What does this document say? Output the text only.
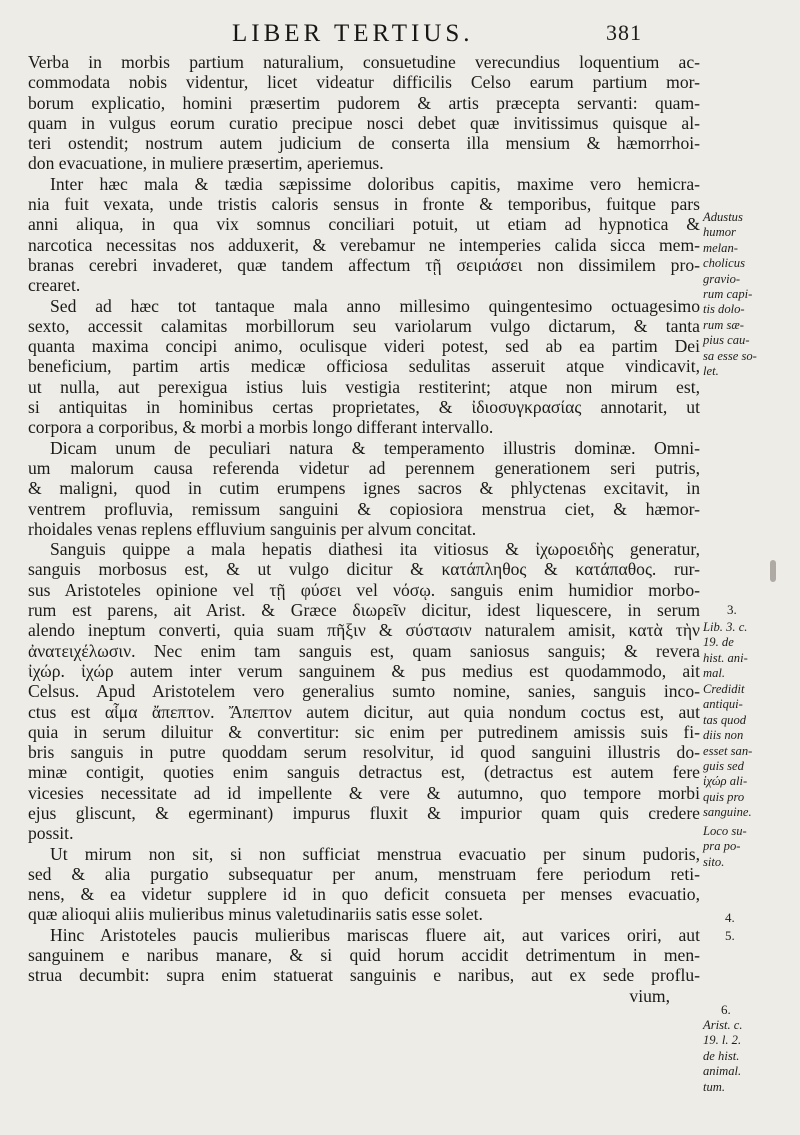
LIBER TERTIUS.	381
Verba in morbis partium naturalium, consuetudine verecundius loquentium ac-
commodata nobis videntur, licet videatur difficilis Celso earum partium mor-
borum explicatio, homini præsertim pudorem & artis præcepta servanti: quam-
quam in vulgus eorum curatio precipue nosci debet quæ invitissimus quisque al-
teri ostendit; nostrum autem judicium de conserta illa mensium & hæmorrhoi-
don evacuatione, in muliere præsertim, aperiemus.
Inter hæc mala & tædia sæpissime doloribus capitis, maxime vero hemicra-
nia fuit vexata, unde tristis caloris sensus in fronte & temporibus, fuitque pars
anni aliqua, in qua vix somnus conciliari potuit, ut etiam ad hypnotica &
narcotica necessitas nos adduxerit, & verebamur ne intemperies calida sicca mem-
branas cerebri invaderet, quæ tandem affectum τῇ σειριάσει non dissimilem pro-
crearet.
Sed ad hæc tot tantaque mala anno millesimo quingentesimo octuagesimo
sexto, accessit calamitas morbillorum seu variolarum vulgo dictarum, & tanta
quanta maxima concipi animo, oculisque videri potest, sed ab ea partim Dei
beneficium, partim artis medicæ officiosa sedulitas asseruit atque vindicavit,
ut nulla, aut perexigua istius luis vestigia restiterint; atque non mirum est,
si antiquitas in hominibus certas proprietates, & ἰδιοσυγκρασίας annotarit, ut
corpora a corporibus, & morbi a morbis longo differant intervallo.
Dicam unum de peculiari natura & temperamento illustris dominæ. Omni-
um malorum causa referenda videtur ad perennem generationem seri putris,
& maligni, quod in cutim erumpens ignes sacros & phlyctenas excitavit, in
ventrem profluvia, remissum sanguini & copiosiora menstrua ciet, & hæmor-
rhoidales venas replens effluvium sanguinis per alvum concitat.
Sanguis quippe a mala hepatis diathesi ita vitiosus & ἰχωροειδὴς generatur,
sanguis morbosus est, & ut vulgo dicitur & κατάπληθος & κατάπαθος. rur-
sus Aristoteles opinione vel τῇ φύσει vel νόσῳ. sanguis enim humidior morbo-
rum est parens, ait Arist. & Græce διωρεῖν dicitur, idest liquescere, in serum
alendo ineptum converti, quia suam πῆξιν & σύστασιν naturalem amisit, κατὰ τὴν
ἀνατειχέλωσιν. Nec enim tam sanguis est, quam saniosus sanguis; & revera
ἰχώρ. ἰχώρ autem inter verum sanguinem & pus medius est quodammodo, ait
Celsus. Apud Aristotelem vero generalius sumto nomine, sanies, sanguis inco-
ctus est αἷμα ἄπεπτον. Ἄπεπτον autem dicitur, aut quia nondum coctus est, aut
quia in serum diluitur & convertitur: sic enim per putredinem amissis suis fi-
bris sanguis in putre quoddam serum resolvitur, id quod sanguini illustris do-
minæ contigit, quoties enim sanguis detractus est, (detractus est autem fere
vicesies necessitate ad id impellente & vere & autumno, quo tempore morbi
ejus gliscunt, & egerminant) impurus fluxit & impurior quam quis credere
possit.
Ut mirum non sit, si non sufficiat menstrua evacuatio per sinum pudoris,
sed & alia purgatio subsequatur per anum, menstruam fere periodum reti-
nens, & ea videtur supplere id in quo deficit consueta per menses evacuatio,
quæ alioqui aliis mulieribus minus valetudinariis satis esse solet.
Hinc Aristoteles paucis mulieribus mariscas fluere ait, aut varices oriri, aut
sanguinem e naribus manare, & si quid horum accidit detrimentum in men-
strua decumbit: supra enim statuerat sanguinis e naribus, aut ex sede proflu-
vium,
Adustus
humor
melan-
cholicus
gravio-
rum capi-
tis dolo-
rum sæ-
pius cau-
sa esse so-
let.
3.
Lib. 3. c.
19. de
hist. ani-
mal.
Credidit
antiqui-
tas quod
diis non
esset san-
guis sed
ἰχώρ ali-
quis pro
sanguine.
Loco su-
pra po-
sito.
4.
5.
6.
Arist. c.
19. l. 2.
de hist.
animal.
tum.
